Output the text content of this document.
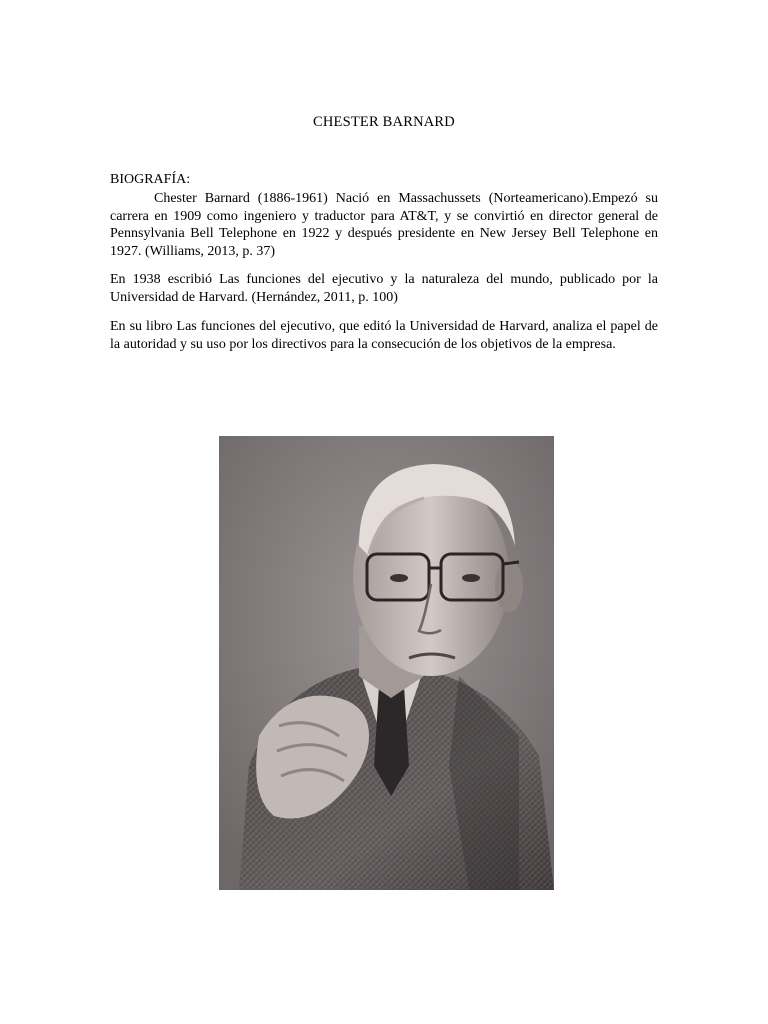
CHESTER BARNARD
BIOGRAFÍA:

Chester Barnard (1886-1961) Nació en Massachussets (Norteamericano).Empezó su carrera en 1909 como ingeniero y traductor para AT&T, y se convirtió en director general de Pennsylvania Bell Telephone en 1922 y después presidente en New Jersey Bell Telephone en 1927. (Williams, 2013, p. 37)

En 1938 escribió Las funciones del ejecutivo y la naturaleza del mundo, publicado por la Universidad de Harvard. (Hernández, 2011, p. 100)

En su libro Las funciones del ejecutivo, que editó la Universidad de Harvard, analiza el papel de la autoridad y su uso por los directivos para la consecución de los objetivos de la empresa.
